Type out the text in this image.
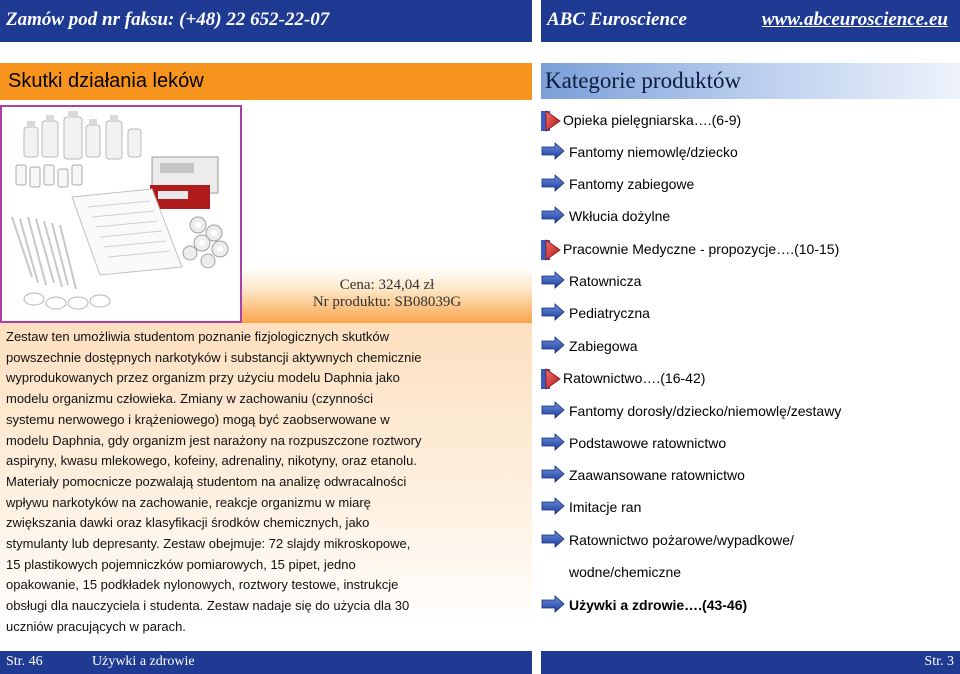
Zamów pod nr faksu: (+48) 22 652-22-07	ABC Euroscience	www.abceuroscience.eu
Skutki działania leków
Cena: 324,04 zł
Nr produktu: SB08039G

Zestaw ten umożliwia studentom poznanie fizjologicznych skutków powszechnie dostępnych narkotyków i substancji aktywnych chemicznie wyprodukowanych przez organizm przy użyciu modelu Daphnia jako modelu organizmu człowieka. Zmiany w zachowaniu (czynności systemu nerwowego i krążeniowego) mogą być zaobserwowane w modelu Daphnia, gdy organizm jest narażony na rozpuszczone roztwory aspiryny, kwasu mlekowego, kofeiny, adrenaliny, nikotyny, oraz etanolu. Materiały pomocnicze pozwalają studentom na analizę odwracalności wpływu narkotyków na zachowanie, reakcje organizmu w miarę zwiększania dawki oraz klasyfikacji środków chemicznych, jako stymulanty lub depresanty. Zestaw obejmuje: 72 slajdy mikroskopowe, 15 plastikowych pojemniczków pomiarowych, 15 pipet, jedno opakowanie, 15 podkładek nylonowych, roztwory testowe, instrukcje obsługi dla nauczyciela i studenta. Zestaw nadaje się do użycia dla 30 uczniów pracujących w parach.

Kategorie produktów
Opieka pielęgniarska….(6-9)
Fantomy niemowlę/dziecko
Fantomy zabiegowe
Wkłucia dożylne
Pracownie Medyczne - propozycje….(10-15)
Ratownicza
Pediatryczna
Zabiegowa
Ratownictwo….(16-42)
Fantomy dorosły/dziecko/niemowlę/zestawy
Podstawowe ratownictwo
Zaawansowane ratownictwo
Imitacje ran
Ratownictwo pożarowe/wypadkowe/
wodne/chemiczne
Używki a zdrowie….(43-46)
Str. 46	Używki a zdrowie	Str. 3
